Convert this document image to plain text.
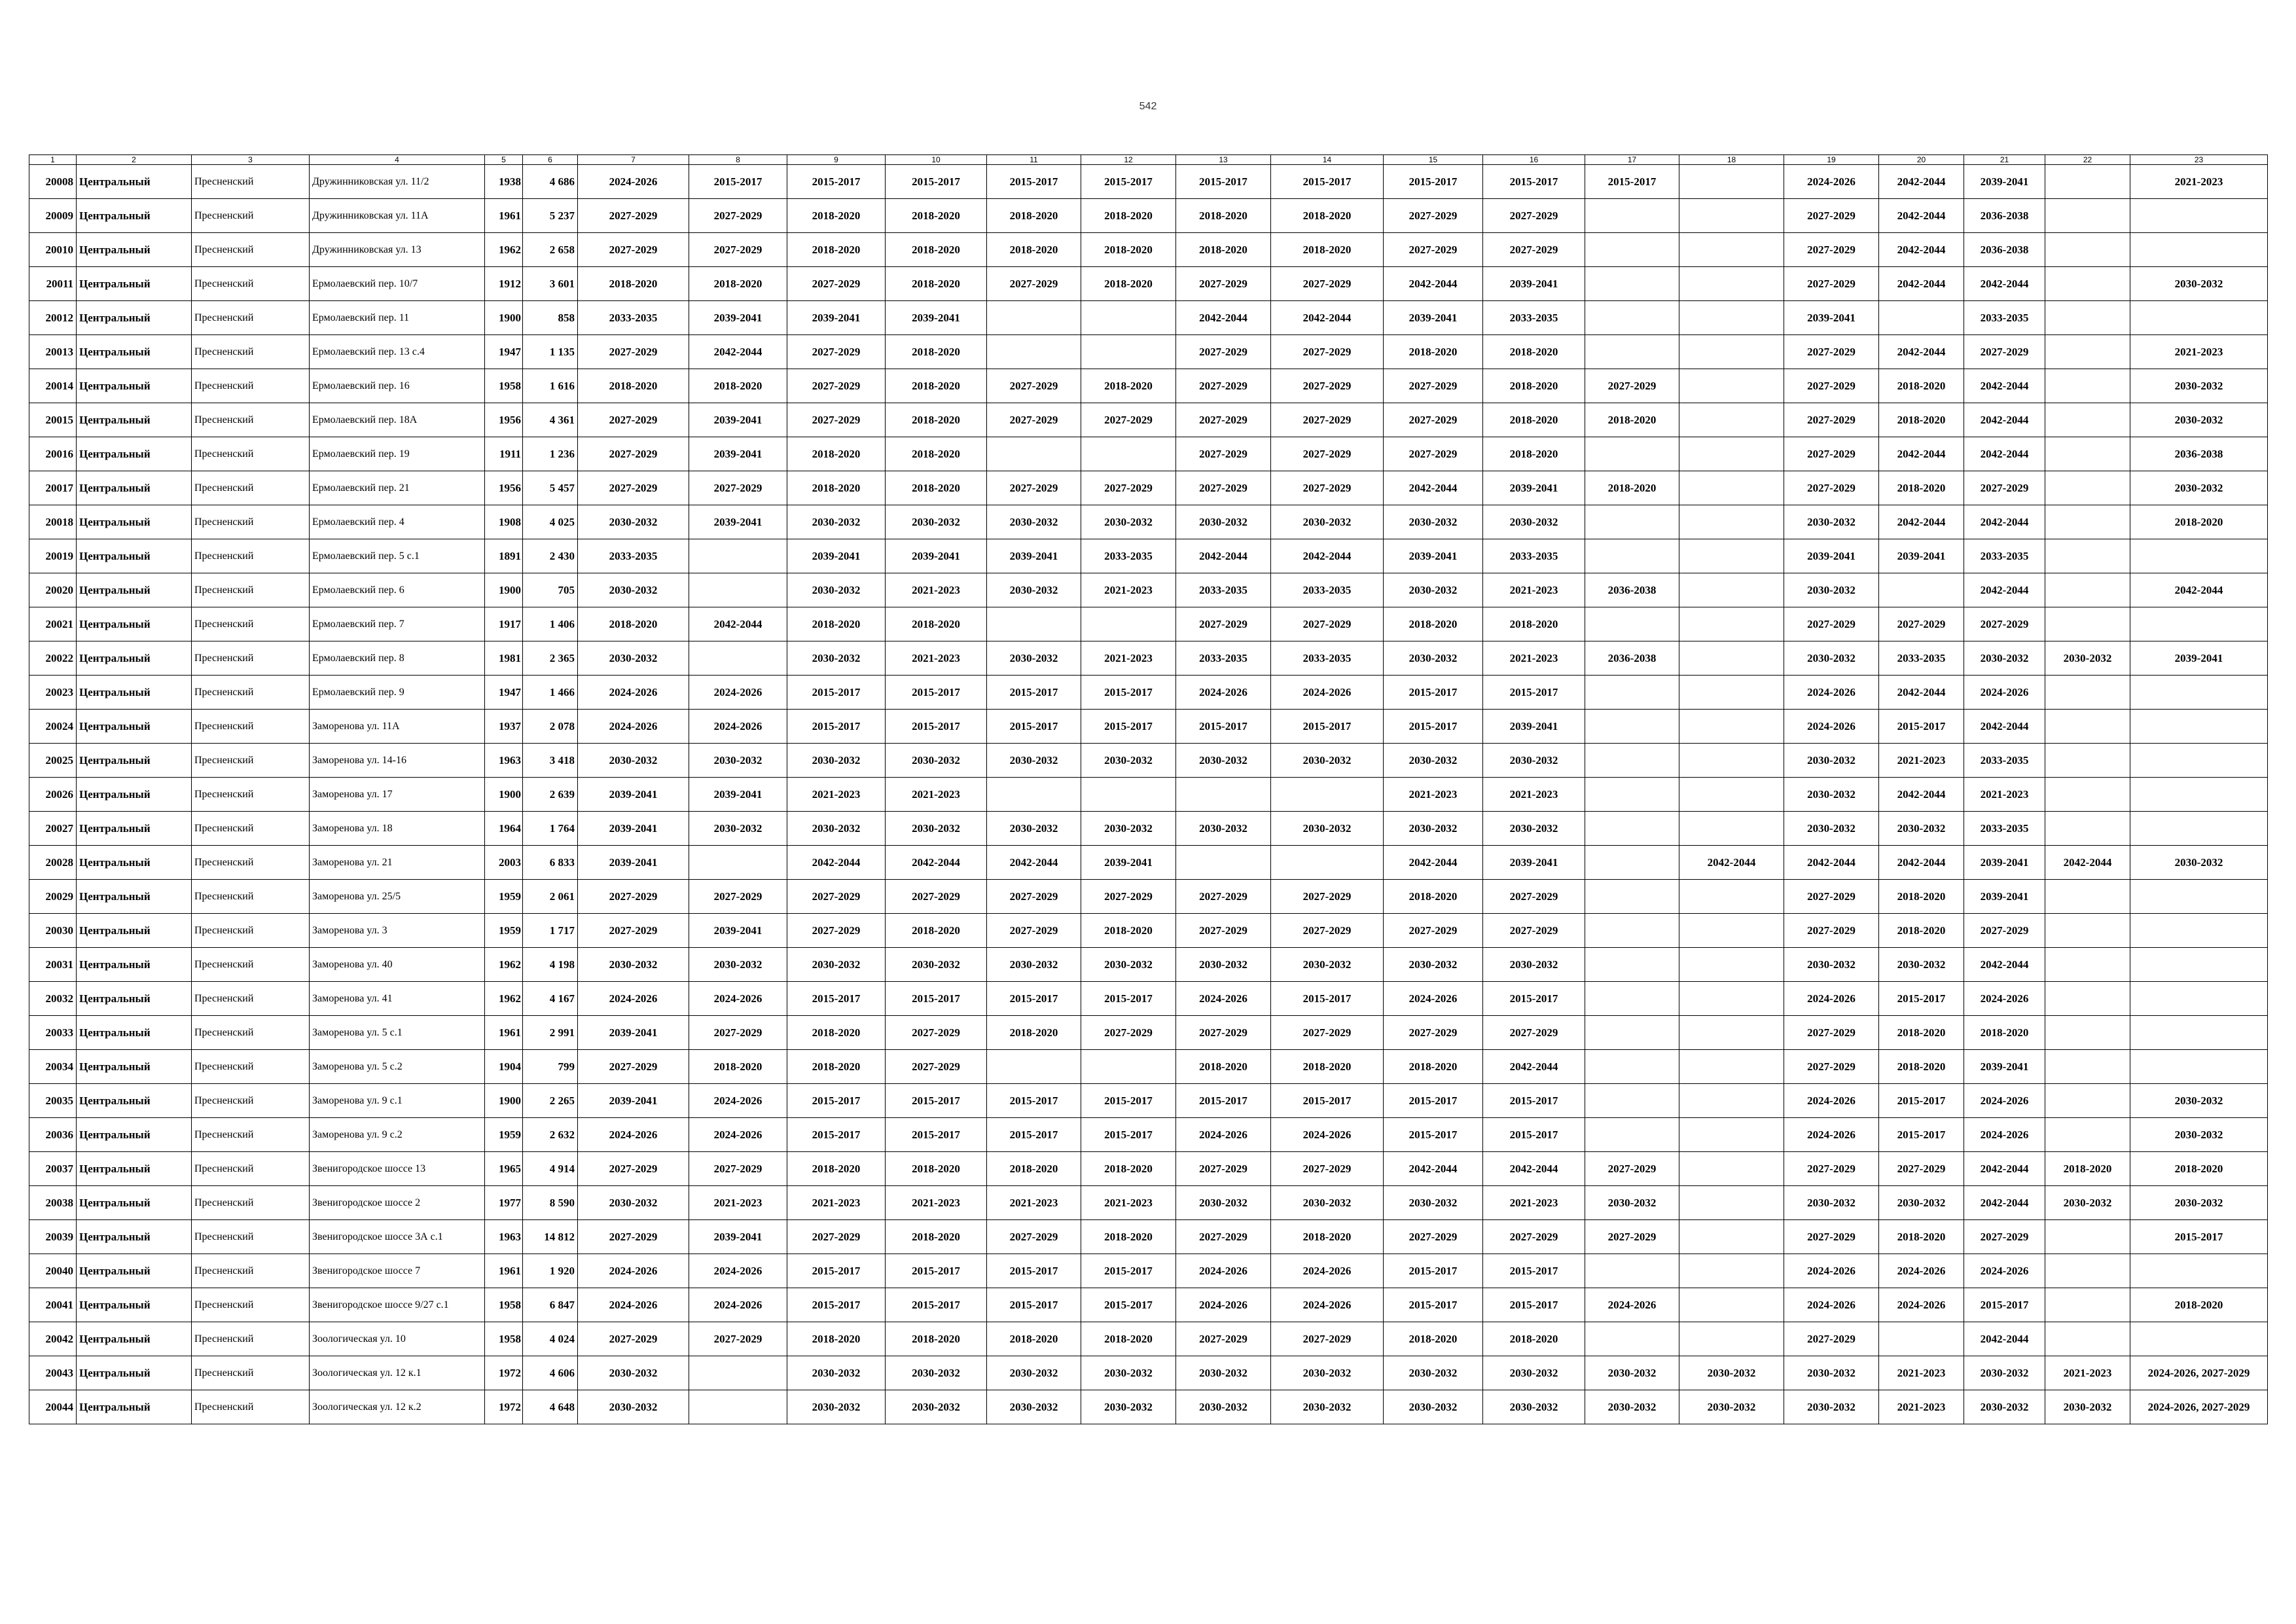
542
1	2	3	4	5	6	7	8	9	10	11	12	13	14	15	16	17	18	19	20	21	22	23
20008	Центральный	Пресненский	Дружинниковская ул. 11/2	1938	4 686	2024-2026	2015-2017	2015-2017	2015-2017	2015-2017	2015-2017	2015-2017	2015-2017	2015-2017	2015-2017	2015-2017		2024-2026	2042-2044	2039-2041		2021-2023
20009	Центральный	Пресненский	Дружинниковская ул. 11А	1961	5 237	2027-2029	2027-2029	2018-2020	2018-2020	2018-2020	2018-2020	2018-2020	2018-2020	2027-2029	2027-2029			2027-2029	2042-2044	2036-2038		
20010	Центральный	Пресненский	Дружинниковская ул. 13	1962	2 658	2027-2029	2027-2029	2018-2020	2018-2020	2018-2020	2018-2020	2018-2020	2018-2020	2027-2029	2027-2029			2027-2029	2042-2044	2036-2038		
20011	Центральный	Пресненский	Ермолаевский пер. 10/7	1912	3 601	2018-2020	2018-2020	2027-2029	2018-2020	2027-2029	2018-2020	2027-2029	2027-2029	2042-2044	2039-2041			2027-2029	2042-2044	2042-2044		2030-2032
20012	Центральный	Пресненский	Ермолаевский пер. 11	1900	858	2033-2035	2039-2041	2039-2041	2039-2041			2042-2044	2042-2044	2039-2041	2033-2035			2039-2041		2033-2035		
20013	Центральный	Пресненский	Ермолаевский пер. 13 с.4	1947	1 135	2027-2029	2042-2044	2027-2029	2018-2020			2027-2029	2027-2029	2018-2020	2018-2020			2027-2029	2042-2044	2027-2029		2021-2023
20014	Центральный	Пресненский	Ермолаевский пер. 16	1958	1 616	2018-2020	2018-2020	2027-2029	2018-2020	2027-2029	2018-2020	2027-2029	2027-2029	2027-2029	2018-2020	2027-2029		2027-2029	2018-2020	2042-2044		2030-2032
20015	Центральный	Пресненский	Ермолаевский пер. 18А	1956	4 361	2027-2029	2039-2041	2027-2029	2018-2020	2027-2029	2027-2029	2027-2029	2027-2029	2027-2029	2018-2020	2018-2020		2027-2029	2018-2020	2042-2044		2030-2032
20016	Центральный	Пресненский	Ермолаевский пер. 19	1911	1 236	2027-2029	2039-2041	2018-2020	2018-2020			2027-2029	2027-2029	2027-2029	2018-2020			2027-2029	2042-2044	2042-2044		2036-2038
20017	Центральный	Пресненский	Ермолаевский пер. 21	1956	5 457	2027-2029	2027-2029	2018-2020	2018-2020	2027-2029	2027-2029	2027-2029	2027-2029	2042-2044	2039-2041	2018-2020		2027-2029	2018-2020	2027-2029		2030-2032
20018	Центральный	Пресненский	Ермолаевский пер. 4	1908	4 025	2030-2032	2039-2041	2030-2032	2030-2032	2030-2032	2030-2032	2030-2032	2030-2032	2030-2032	2030-2032			2030-2032	2042-2044	2042-2044		2018-2020
20019	Центральный	Пресненский	Ермолаевский пер. 5 с.1	1891	2 430	2033-2035		2039-2041	2039-2041	2039-2041	2033-2035	2042-2044	2042-2044	2039-2041	2033-2035			2039-2041	2039-2041	2033-2035		
20020	Центральный	Пресненский	Ермолаевский пер. 6	1900	705	2030-2032		2030-2032	2021-2023	2030-2032	2021-2023	2033-2035	2033-2035	2030-2032	2021-2023	2036-2038		2030-2032		2042-2044		2042-2044
20021	Центральный	Пресненский	Ермолаевский пер. 7	1917	1 406	2018-2020	2042-2044	2018-2020	2018-2020			2027-2029	2027-2029	2018-2020	2018-2020			2027-2029	2027-2029	2027-2029		
20022	Центральный	Пресненский	Ермолаевский пер. 8	1981	2 365	2030-2032		2030-2032	2021-2023	2030-2032	2021-2023	2033-2035	2033-2035	2030-2032	2021-2023	2036-2038		2030-2032	2033-2035	2030-2032	2030-2032	2039-2041
20023	Центральный	Пресненский	Ермолаевский пер. 9	1947	1 466	2024-2026	2024-2026	2015-2017	2015-2017	2015-2017	2015-2017	2024-2026	2024-2026	2015-2017	2015-2017			2024-2026	2042-2044	2024-2026		
20024	Центральный	Пресненский	Заморенова ул. 11А	1937	2 078	2024-2026	2024-2026	2015-2017	2015-2017	2015-2017	2015-2017	2015-2017	2015-2017	2015-2017	2039-2041			2024-2026	2015-2017	2042-2044		
20025	Центральный	Пресненский	Заморенова ул. 14-16	1963	3 418	2030-2032	2030-2032	2030-2032	2030-2032	2030-2032	2030-2032	2030-2032	2030-2032	2030-2032	2030-2032			2030-2032	2021-2023	2033-2035		
20026	Центральный	Пресненский	Заморенова ул. 17	1900	2 639	2039-2041	2039-2041	2021-2023	2021-2023					2021-2023	2021-2023			2030-2032	2042-2044	2021-2023		
20027	Центральный	Пресненский	Заморенова ул. 18	1964	1 764	2039-2041	2030-2032	2030-2032	2030-2032	2030-2032	2030-2032	2030-2032	2030-2032	2030-2032	2030-2032			2030-2032	2030-2032	2033-2035		
20028	Центральный	Пресненский	Заморенова ул. 21	2003	6 833	2039-2041		2042-2044	2042-2044	2042-2044	2039-2041			2042-2044	2039-2041		2042-2044	2042-2044	2042-2044	2039-2041	2042-2044	2030-2032
20029	Центральный	Пресненский	Заморенова ул. 25/5	1959	2 061	2027-2029	2027-2029	2027-2029	2027-2029	2027-2029	2027-2029	2027-2029	2027-2029	2018-2020	2027-2029			2027-2029	2018-2020	2039-2041		
20030	Центральный	Пресненский	Заморенова ул. 3	1959	1 717	2027-2029	2039-2041	2027-2029	2018-2020	2027-2029	2018-2020	2027-2029	2027-2029	2027-2029	2027-2029			2027-2029	2018-2020	2027-2029		
20031	Центральный	Пресненский	Заморенова ул. 40	1962	4 198	2030-2032	2030-2032	2030-2032	2030-2032	2030-2032	2030-2032	2030-2032	2030-2032	2030-2032	2030-2032			2030-2032	2030-2032	2042-2044		
20032	Центральный	Пресненский	Заморенова ул. 41	1962	4 167	2024-2026	2024-2026	2015-2017	2015-2017	2015-2017	2015-2017	2024-2026	2015-2017	2024-2026	2015-2017			2024-2026	2015-2017	2024-2026		
20033	Центральный	Пресненский	Заморенова ул. 5 с.1	1961	2 991	2039-2041	2027-2029	2018-2020	2027-2029	2018-2020	2027-2029	2027-2029	2027-2029	2027-2029	2027-2029			2027-2029	2018-2020	2018-2020		
20034	Центральный	Пресненский	Заморенова ул. 5 с.2	1904	799	2027-2029	2018-2020	2018-2020	2027-2029			2018-2020	2018-2020	2018-2020	2042-2044			2027-2029	2018-2020	2039-2041		
20035	Центральный	Пресненский	Заморенова ул. 9 с.1	1900	2 265	2039-2041	2024-2026	2015-2017	2015-2017	2015-2017	2015-2017	2015-2017	2015-2017	2015-2017	2015-2017			2024-2026	2015-2017	2024-2026		2030-2032
20036	Центральный	Пресненский	Заморенова ул. 9 с.2	1959	2 632	2024-2026	2024-2026	2015-2017	2015-2017	2015-2017	2015-2017	2024-2026	2024-2026	2015-2017	2015-2017			2024-2026	2015-2017	2024-2026		2030-2032
20037	Центральный	Пресненский	Звенигородское шоссе 13	1965	4 914	2027-2029	2027-2029	2018-2020	2018-2020	2018-2020	2018-2020	2027-2029	2027-2029	2042-2044	2042-2044	2027-2029		2027-2029	2027-2029	2042-2044	2018-2020	2018-2020
20038	Центральный	Пресненский	Звенигородское шоссе 2	1977	8 590	2030-2032	2021-2023	2021-2023	2021-2023	2021-2023	2021-2023	2030-2032	2030-2032	2030-2032	2021-2023	2030-2032		2030-2032	2030-2032	2042-2044	2030-2032	2030-2032
20039	Центральный	Пресненский	Звенигородское шоссе 3А с.1	1963	14 812	2027-2029	2039-2041	2027-2029	2018-2020	2027-2029	2018-2020	2027-2029	2018-2020	2027-2029	2027-2029	2027-2029		2027-2029	2018-2020	2027-2029		2015-2017
20040	Центральный	Пресненский	Звенигородское шоссе 7	1961	1 920	2024-2026	2024-2026	2015-2017	2015-2017	2015-2017	2015-2017	2024-2026	2024-2026	2015-2017	2015-2017			2024-2026	2024-2026	2024-2026		
20041	Центральный	Пресненский	Звенигородское шоссе 9/27 с.1	1958	6 847	2024-2026	2024-2026	2015-2017	2015-2017	2015-2017	2015-2017	2024-2026	2024-2026	2015-2017	2015-2017	2024-2026		2024-2026	2024-2026	2015-2017		2018-2020
20042	Центральный	Пресненский	Зоологическая ул. 10	1958	4 024	2027-2029	2027-2029	2018-2020	2018-2020	2018-2020	2018-2020	2027-2029	2027-2029	2018-2020	2018-2020			2027-2029		2042-2044		
20043	Центральный	Пресненский	Зоологическая ул. 12 к.1	1972	4 606	2030-2032		2030-2032	2030-2032	2030-2032	2030-2032	2030-2032	2030-2032	2030-2032	2030-2032	2030-2032	2030-2032	2030-2032	2021-2023	2030-2032	2021-2023	2024-2026, 2027-2029
20044	Центральный	Пресненский	Зоологическая ул. 12 к.2	1972	4 648	2030-2032		2030-2032	2030-2032	2030-2032	2030-2032	2030-2032	2030-2032	2030-2032	2030-2032	2030-2032	2030-2032	2030-2032	2021-2023	2030-2032	2030-2032	2024-2026, 2027-2029
